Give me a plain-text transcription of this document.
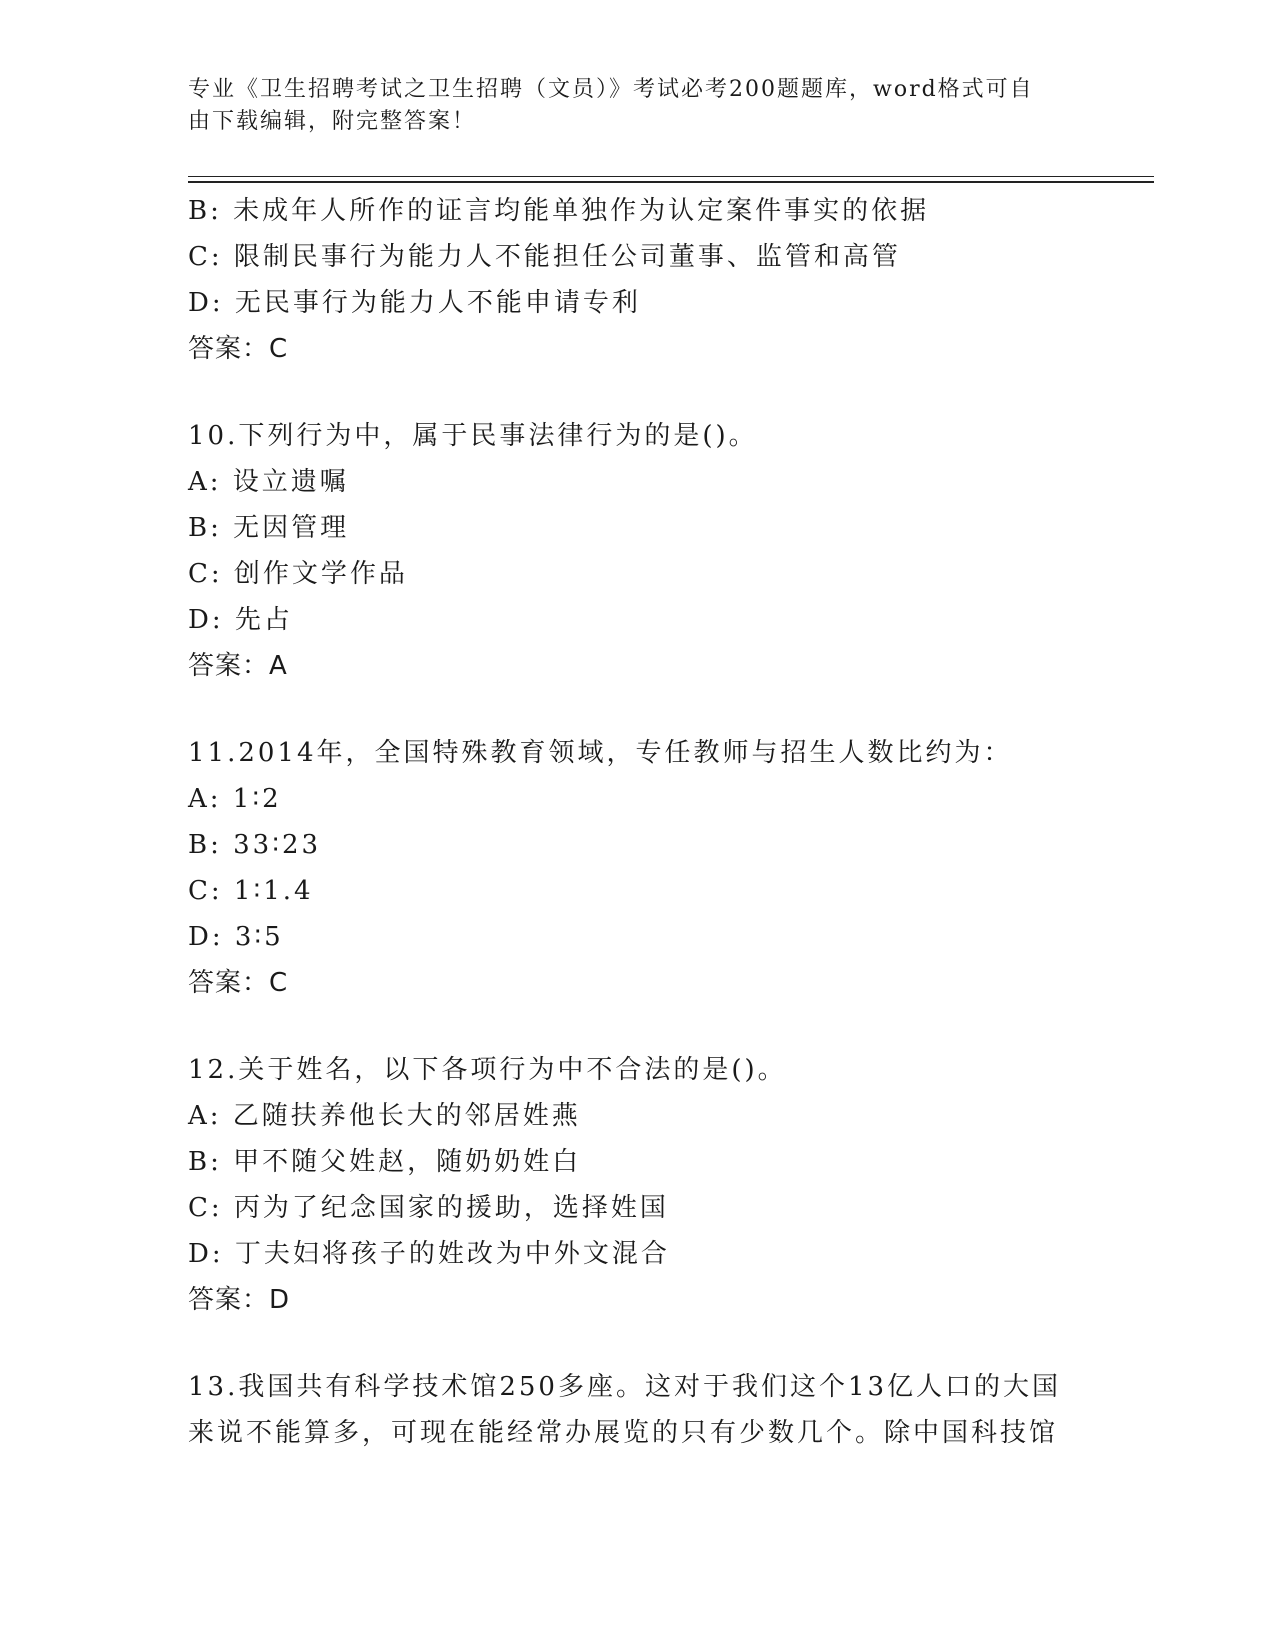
专业《卫生招聘考试之卫生招聘（文员）》考试必考200题题库，word格式可自
由下载编辑，附完整答案！
B: 未成年人所作的证言均能单独作为认定案件事实的依据
C: 限制民事行为能力人不能担任公司董事、监管和高管
D: 无民事行为能力人不能申请专利
答案：C
10.下列行为中，属于民事法律行为的是()。
A: 设立遗嘱
B: 无因管理
C: 创作文学作品
D: 先占
答案：A
11.2014年，全国特殊教育领域，专任教师与招生人数比约为：
A: 1∶2
B: 33∶23
C: 1∶1.4
D: 3∶5
答案：C
12.关于姓名，以下各项行为中不合法的是()。
A: 乙随扶养他长大的邻居姓燕
B: 甲不随父姓赵，随奶奶姓白
C: 丙为了纪念国家的援助，选择姓国
D: 丁夫妇将孩子的姓改为中外文混合
答案：D
13.我国共有科学技术馆250多座。这对于我们这个13亿人口的大国
来说不能算多，可现在能经常办展览的只有少数几个。除中国科技馆
